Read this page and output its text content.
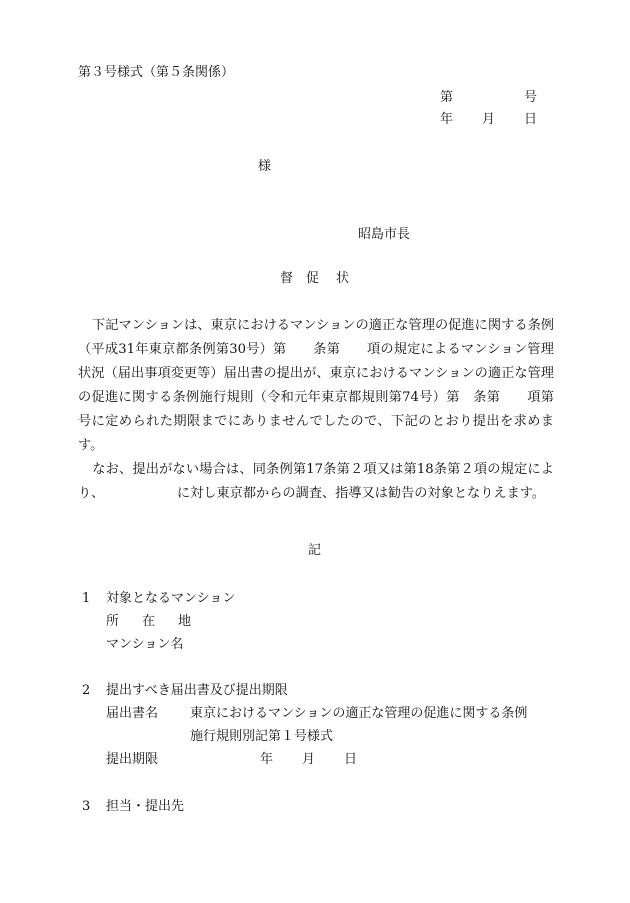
第３号様式（第５条関係）
第	号
年 月 日
様
昭島市長
督 促 状
下記マンションは、東京におけるマンションの適正な管理の促進に関する条例（平成31年東京都条例第30号）第　　条第　　項の規定によるマンション管理状況（届出事項変更等）届出書の提出が、東京におけるマンションの適正な管理の促進に関する条例施行規則（令和元年東京都規則第74号）第　条第　　項第　　号に定められた期限までにありませんでしたので、下記のとおり提出を求めます。
なお、提出がない場合は、同条例第17条第２項又は第18条第２項の規定により、　　　　　　に対し東京都からの調査、指導又は勧告の対象となりえます。
記
1 対象となるマンション
所 在 地
マンション名
2 提出すべき届出書及び提出期限
届出書名 東京におけるマンションの適正な管理の促進に関する条例
施行規則別記第１号様式
提出期限	年 月 日
3 担当・提出先
